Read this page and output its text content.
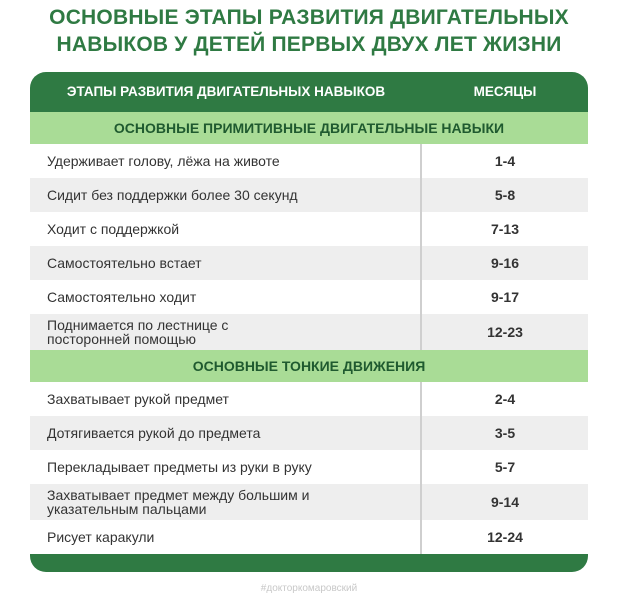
ОСНОВНЫЕ ЭТАПЫ РАЗВИТИЯ ДВИГАТЕЛЬНЫХ
НАВЫКОВ У ДЕТЕЙ ПЕРВЫХ ДВУХ ЛЕТ ЖИЗНИ
ЭТАПЫ РАЗВИТИЯ ДВИГАТЕЛЬНЫХ НАВЫКОВ	МЕСЯЦЫ
ОСНОВНЫЕ ПРИМИТИВНЫЕ ДВИГАТЕЛЬНЫЕ НАВЫКИ
Удерживает голову, лёжа на животе	1-4
Сидит без поддержки более 30 секунд	5-8
Ходит с поддержкой	7-13
Самостоятельно встает	9-16
Самостоятельно ходит	9-17
Поднимается по лестнице с посторонней помощью	12-23
ОСНОВНЫЕ ТОНКИЕ ДВИЖЕНИЯ
Захватывает рукой предмет	2-4
Дотягивается рукой до предмета	3-5
Перекладывает предметы из руки в руку	5-7
Захватывает предмет между большим и указательным пальцами	9-14
Рисует каракули	12-24
#докторкомаровский
